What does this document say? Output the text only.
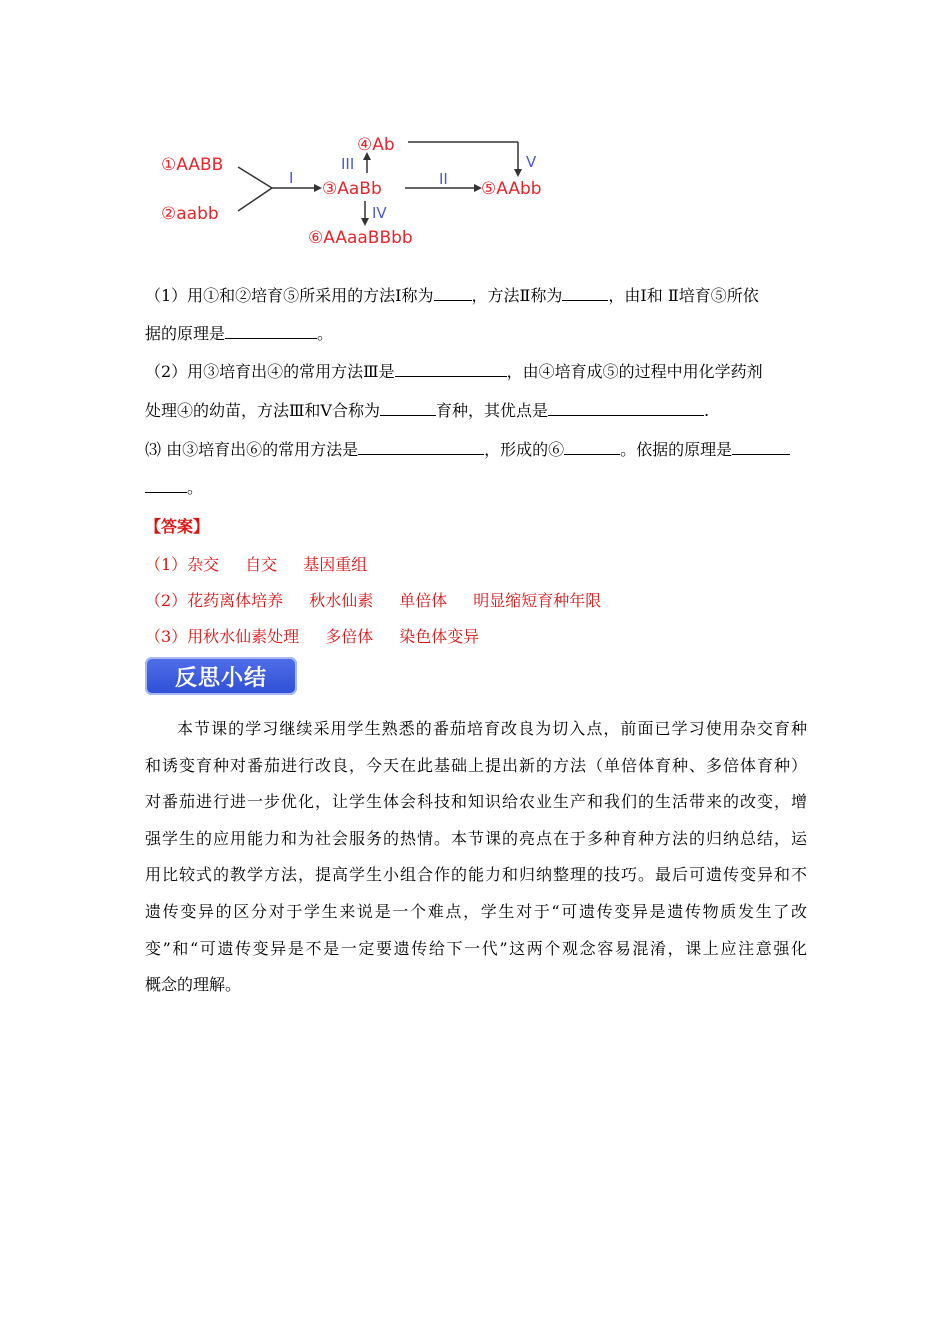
①AABB
②aabb
③AaBb
④Ab
⑤AAbb
⑥AAaaBBbb
I	II
III
IV
V
（1）用①和②培育⑤所采用的方法Ⅰ称为 ，方法Ⅱ称为	，由Ⅰ和 Ⅱ培育⑤所依
据的原理是	。
（2）用③培育出④的常用方法Ⅲ是	，由④培育成⑤的过程中用化学药剂
处理④的幼苗，方法Ⅲ和Ⅴ合称为	育种，其优点是	.
⑶ 由③培育出⑥的常用方法是	，形成的⑥	。依据的原理是
。
【答案】
（1）杂交 自交 基因重组
（2）花药离体培养 秋水仙素 单倍体 明显缩短育种年限
（3）用秋水仙素处理 多倍体 染色体变异
反思小结
本节课的学习继续采用学生熟悉的番茄培育改良为切入点，前面已学习使用杂交育种
和诱变育种对番茄进行改良，今天在此基础上提出新的方法（单倍体育种、多倍体育种）
对番茄进行进一步优化，让学生体会科技和知识给农业生产和我们的生活带来的改变，增
强学生的应用能力和为社会服务的热情。本节课的亮点在于多种育种方法的归纳总结，运
用比较式的教学方法，提高学生小组合作的能力和归纳整理的技巧。最后可遗传变异和不
遗传变异的区分对于学生来说是一个难点，学生对于“可遗传变异是遗传物质发生了改
变”和“可遗传变异是不是一定要遗传给下一代”这两个观念容易混淆，课上应注意强化
概念的理解。
